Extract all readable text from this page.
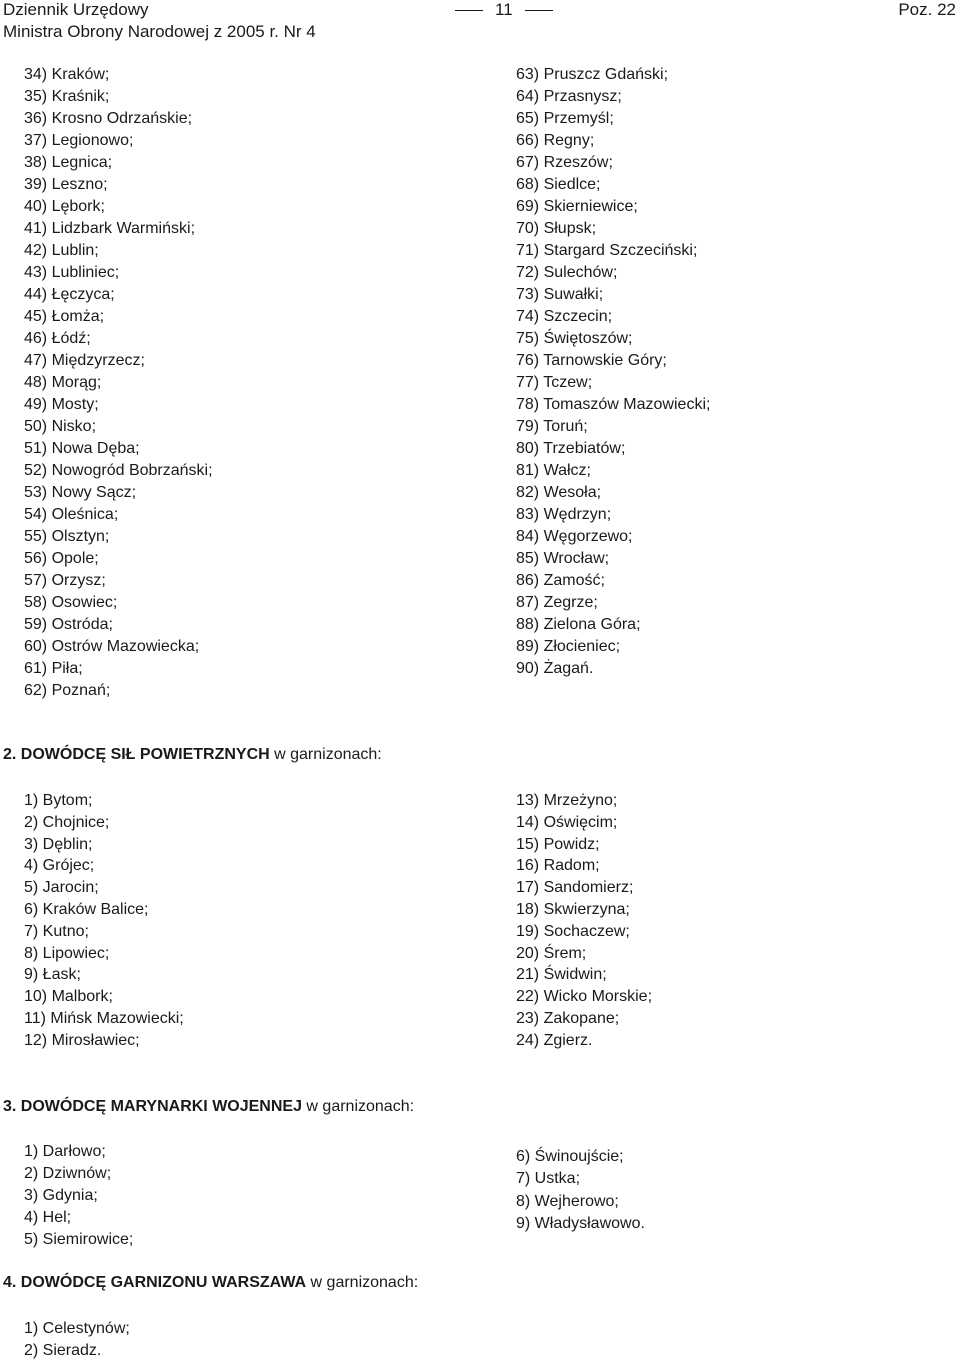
Dziennik Urzędowy
Ministra Obrony Narodowej z 2005 r. Nr 4
11	Poz. 22
34) Kraków;
35) Kraśnik;
36) Krosno Odrzańskie;
37) Legionowo;
38) Legnica;
39) Leszno;
40) Lębork;
41) Lidzbark Warmiński;
42) Lublin;
43) Lubliniec;
44) Łęczyca;
45) Łomża;
46) Łódź;
47) Międzyrzecz;
48) Morąg;
49) Mosty;
50) Nisko;
51) Nowa Dęba;
52) Nowogród Bobrzański;
53) Nowy Sącz;
54) Oleśnica;
55) Olsztyn;
56) Opole;
57) Orzysz;
58) Osowiec;
59) Ostróda;
60) Ostrów Mazowiecka;
61) Piła;
62) Poznań;
63) Pruszcz Gdański;
64) Przasnysz;
65) Przemyśl;
66) Regny;
67) Rzeszów;
68) Siedlce;
69) Skierniewice;
70) Słupsk;
71) Stargard Szczeciński;
72) Sulechów;
73) Suwałki;
74) Szczecin;
75) Świętoszów;
76) Tarnowskie Góry;
77) Tczew;
78) Tomaszów Mazowiecki;
79) Toruń;
80) Trzebiatów;
81) Wałcz;
82) Wesoła;
83) Wędrzyn;
84) Węgorzewo;
85) Wrocław;
86) Zamość;
87) Zegrze;
88) Zielona Góra;
89) Złocieniec;
90) Żagań.
2. DOWÓDCĘ SIŁ POWIETRZNYCH w garnizonach:
1) Bytom;
2) Chojnice;
3) Dęblin;
4) Grójec;
5) Jarocin;
6) Kraków Balice;
7) Kutno;
8) Lipowiec;
9) Łask;
10) Malbork;
11) Mińsk Mazowiecki;
12) Mirosławiec;
13) Mrzeżyno;
14) Oświęcim;
15) Powidz;
16) Radom;
17) Sandomierz;
18) Skwierzyna;
19) Sochaczew;
20) Śrem;
21) Świdwin;
22) Wicko Morskie;
23) Zakopane;
24) Zgierz.
3. DOWÓDCĘ MARYNARKI WOJENNEJ w garnizonach:
1) Darłowo;
2) Dziwnów;
3) Gdynia;
4) Hel;
5) Siemirowice;
6) Świnoujście;
7) Ustka;
8) Wejherowo;
9) Władysławowo.
4. DOWÓDCĘ GARNIZONU WARSZAWA w garnizonach:
1) Celestynów;
2) Sieradz.
